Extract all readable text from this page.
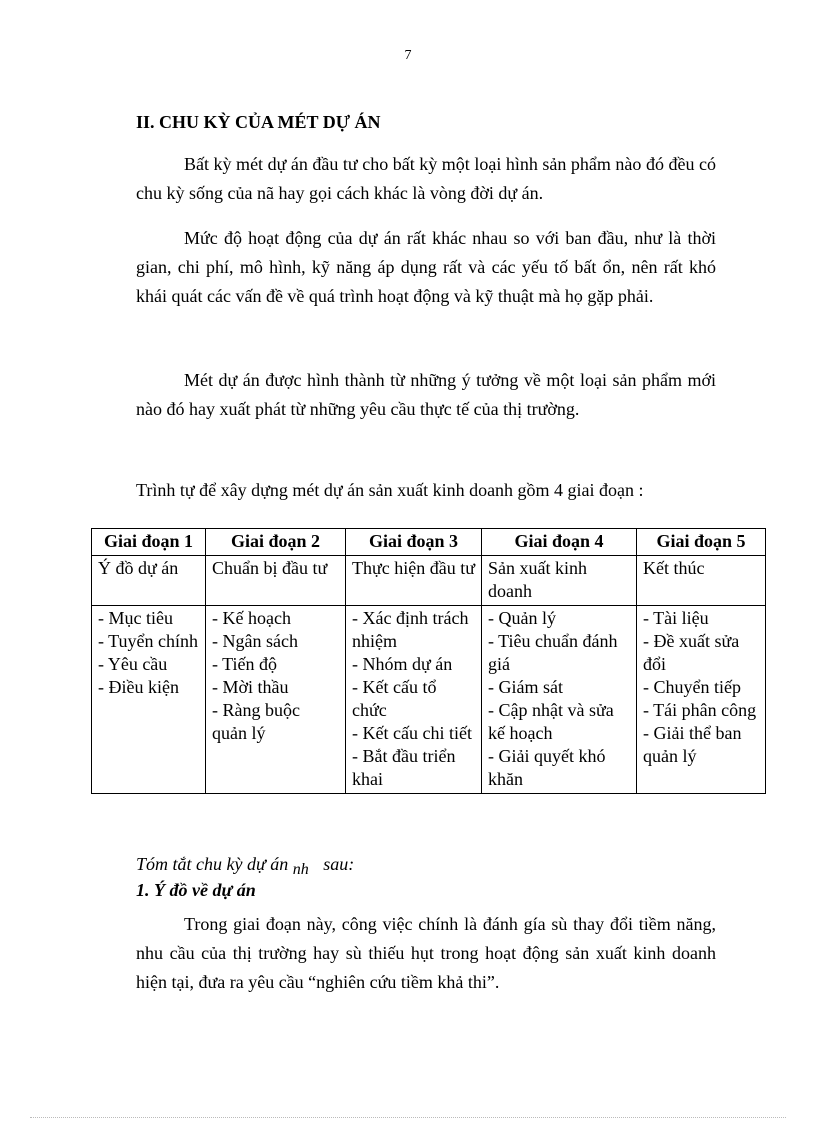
7
II. CHU KỲ CỦA MÉT DỰ ÁN

Bất kỳ mét dự án đầu tư cho bất kỳ một loại hình sản phẩm nào đó đều có chu kỳ sống của nã hay gọi cách khác là vòng đời dự án.

Mức độ hoạt động của dự án rất khác nhau so với ban đầu, như là thời gian, chi phí, mô hình, kỹ năng áp dụng rất và các yếu tố bất ổn, nên rất khó khái quát các vấn đề về quá trình hoạt động và kỹ thuật mà họ gặp phải.

Mét dự án được hình thành từ những ý tưởng về một loại sản phẩm mới nào đó hay xuất phát từ những yêu cầu thực tế của thị trường.

Trình tự để xây dựng mét dự án sản xuất kinh doanh gồm 4 giai đoạn :

Giai đoạn 1	Giai đoạn 2	Giai đoạn 3	Giai đoạn 4	Giai đoạn 5
Ý đồ dự án	Chuẩn bị đầu tư	Thực hiện đầu tư	Sản xuất kinh doanh	Kết thúc

- Mục tiêu
- Tuyển chính
- Yêu cầu
- Điều kiện	- Kế hoạch
- Ngân sách
- Tiến độ
- Mời thầu
- Ràng buộc quản lý	- Xác định trách nhiệm
- Nhóm dự án
- Kết cấu tổ chức
- Kết cấu chi tiết
- Bắt đầu triển khai	- Quản lý
- Tiêu chuẩn đánh giá
- Giám sát
- Cập nhật và sửa kế hoạch
- Giải quyết khó khăn	- Tài liệu
- Đề xuất sửa đổi
- Chuyển tiếp
- Tái phân công
- Giải thể ban quản lý

Tóm tắt chu kỳ dự án nh sau:

1. Ý đồ về dự án

Trong giai đoạn này, công việc chính là đánh gía sù thay đổi tiềm năng, nhu cầu của thị trường hay sù thiếu hụt trong hoạt động sản xuất kinh doanh hiện tại, đưa ra yêu cầu “nghiên cứu tiềm khả thi”.
